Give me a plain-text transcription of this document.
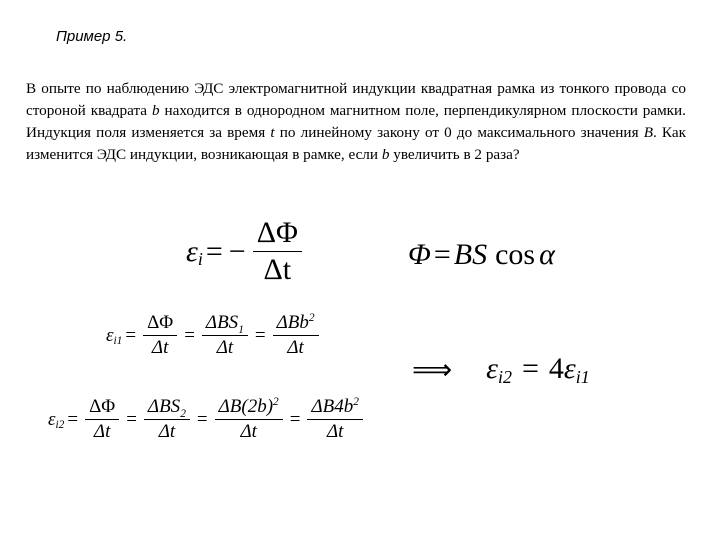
Пример 5.
В опыте по наблюдению ЭДС электромагнитной индукции квадратная рамка из тонкого провода со стороной квадрата b находится в однородном магнитном поле, перпендикулярном плоскости рамки. Индукция поля изменяется за время t по линейному закону от 0 до максимального значения B. Как изменится ЭДС индукции, возникающая в рамке, если b увеличить в 2 раза?
ε i = − $\frac{\Delta\Phi}{\Delta t}$	Φ = BS cos α
ε $i1 = \frac{\Delta\Phi}{\Delta t} = \frac{\Delta BS_1}{\Delta t} = \frac{\Delta Bb^2}{\Delta t}$
ε $i2 = \frac{\Delta\Phi}{\Delta t} = \frac{\Delta BS_2}{\Delta t} = \frac{\Delta B(2b)^2}{\Delta t} = \frac{\Delta B4b^2}{\Delta t}$
⟹ ε i2 = 4 ε i1
